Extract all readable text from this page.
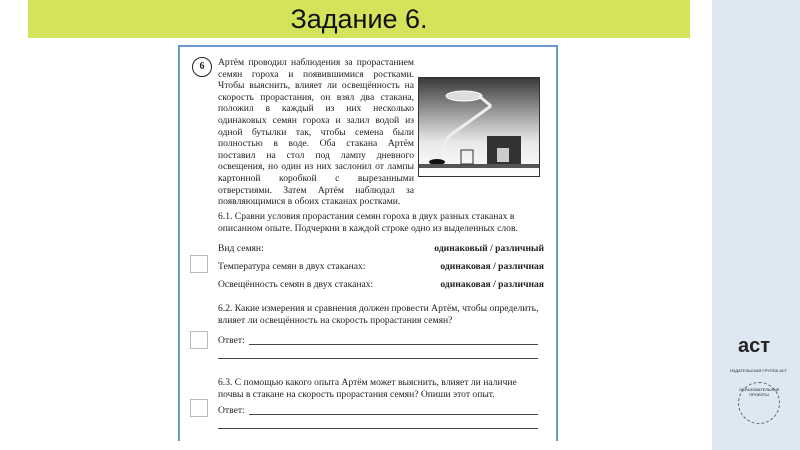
Задание 6.
6	Артём проводил наблюдения за прорастанием
семян гороха и появившимися ростками.
Чтобы выяснить, влияет ли освещённость на
скорость прорастания, он взял два стакана,
положил в каждый из них несколько
одинаковых семян гороха и залил водой из
одной бутылки так, чтобы семена были
полностью в воде. Оба стакана Артём
поставил на стол под лампу дневного
освещения, но один из них заслонил от лампы
картонной коробкой с вырезанными
отверстиями. Затем Артём наблюдал за
появляющимися в обоих стаканах ростками.
6.1. Сравни условия прорастания семян гороха в двух разных стаканах в описанном опыте. Подчеркни в каждой строке одно из выделенных слов.
Вид семян:	одинаковый / различный
Температура семян в двух стаканах:	одинаковая / различная
Освещённость семян в двух стаканах:	одинаковая / различная
6.2. Какие измерения и сравнения должен провести Артём, чтобы определить, влияет ли освещённость на скорость прорастания семян?
Ответ:
6.3. С помощью какого опыта Артём может выяснить, влияет ли наличие почвы в стакане на скорость прорастания семян? Опиши этот опыт.
Ответ:
аст
ИЗДАТЕЛЬСКАЯ ГРУППА АСТ
ОБРАЗОВАТЕЛЬНЫЕ ПРОЕКТЫ
